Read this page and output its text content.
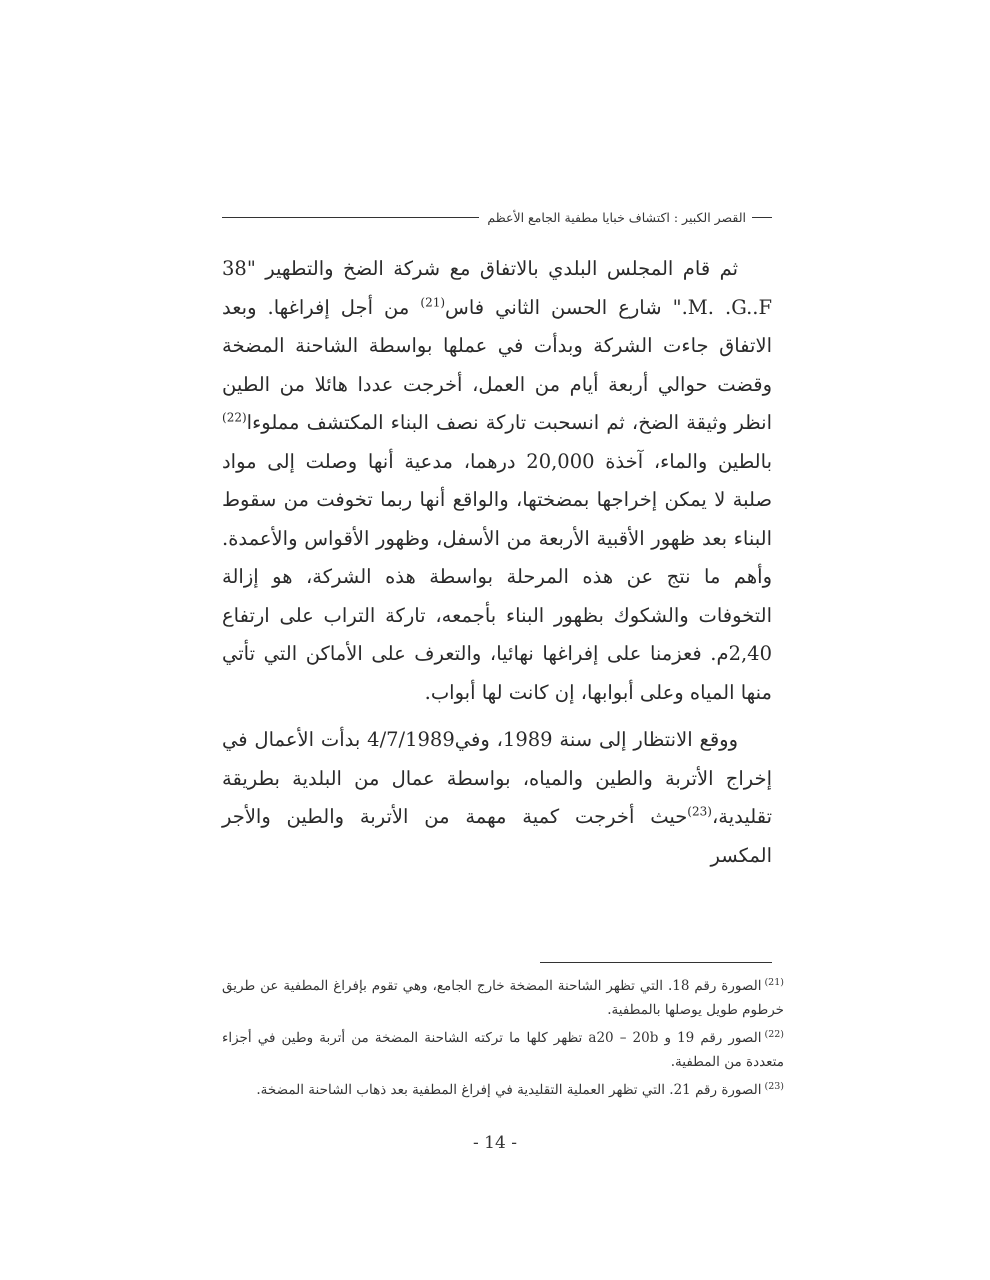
القصر الكبير : اكتشاف خبايا مطفية الجامع الأعظم

ثم قام المجلس البلدي بالاتفاق مع شركة الضخ والتطهير "38 M. .G..F." شارع الحسن الثاني فاس$^{(21)}$ من أجل إفراغها. وبعد الاتفاق جاءت الشركة وبدأت في عملها بواسطة الشاحنة المضخة وقضت حوالي أربعة أيام من العمل، أخرجت عددا هائلا من الطين انظر وثيقة الضخ، ثم انسحبت تاركة نصف البناء المكتشف مملوءا$^{(22)}$ بالطين والماء، آخذة 20,000 درهما، مدعية أنها وصلت إلى مواد صلبة لا يمكن إخراجها بمضختها، والواقع أنها ربما تخوفت من سقوط البناء بعد ظهور الأقبية الأربعة من الأسفل، وظهور الأقواس والأعمدة. وأهم ما نتج عن هذه المرحلة بواسطة هذه الشركة، هو إزالة التخوفات والشكوك بظهور البناء بأجمعه، تاركة التراب على ارتفاع 2,40م. فعزمنا على إفراغها نهائيا، والتعرف على الأماكن التي تأتي منها المياه وعلى أبوابها، إن كانت لها أبواب.

ووقع الانتظار إلى سنة 1989، وفي4/7/1989 بدأت الأعمال في إخراج الأتربة والطين والمياه، بواسطة عمال من البلدية بطريقة تقليدية،$^{(23)}$حيث أخرجت كمية مهمة من الأتربة والطين والأجر المكسر

$^{(21)}$الصورة رقم 18. التي تظهر الشاحنة المضخة خارج الجامع، وهي تقوم بإفراغ المطفية عن طريق خرطوم طويل يوصلها بالمطفية.

$^{(22)}$الصور رقم 19 و a20 – 20b تظهر كلها ما تركته الشاحنة المضخة من أتربة وطين في أجزاء متعددة من المطفية.

$^{(23)}$الصورة رقم 21. التي تظهر العملية التقليدية في إفراغ المطفية بعد ذهاب الشاحنة المضخة.

- 14 -
